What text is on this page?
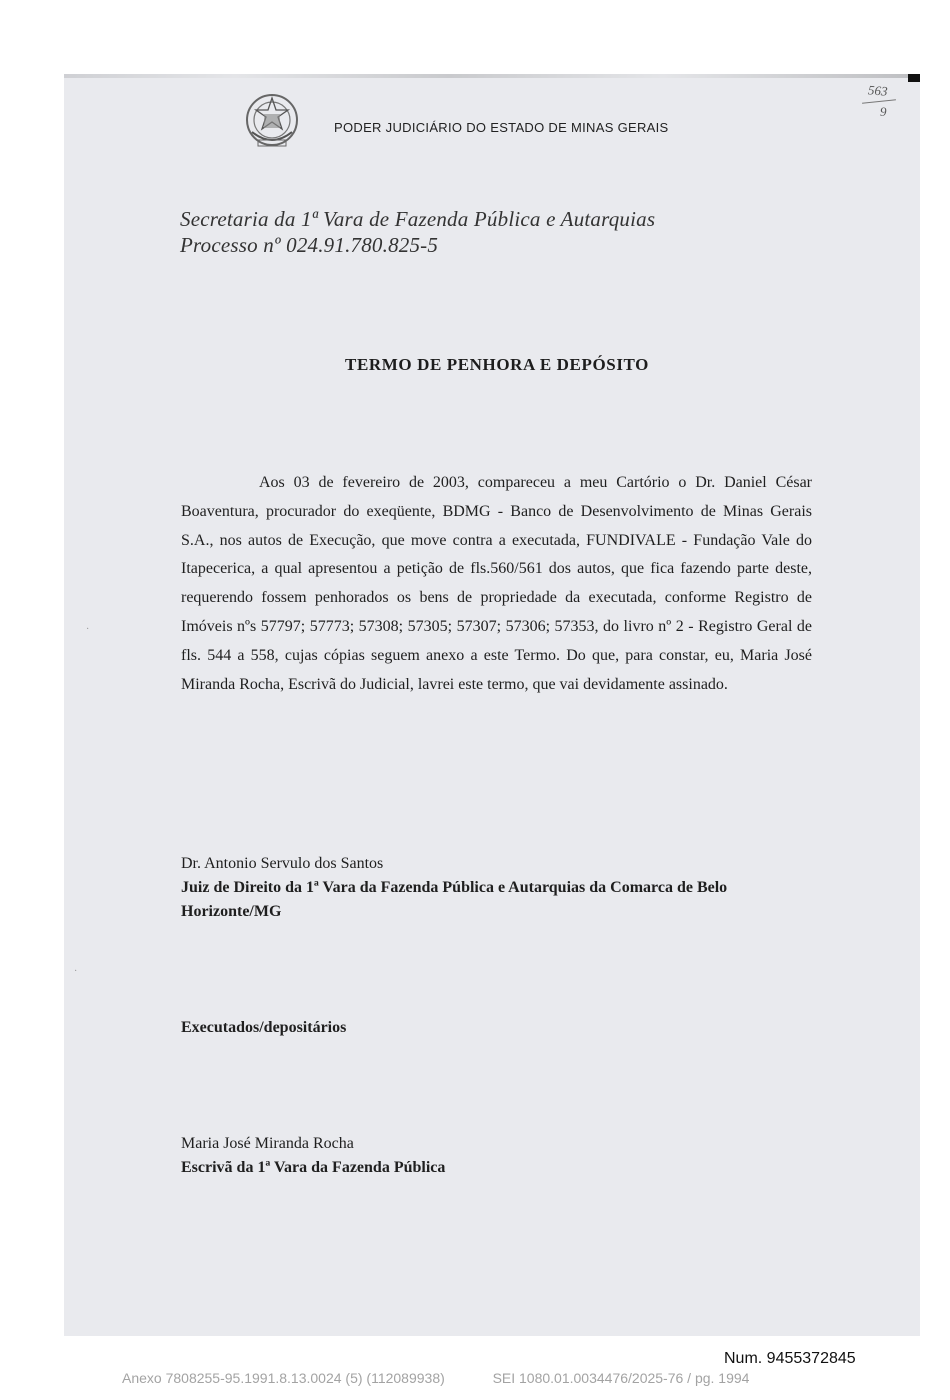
PODER JUDICIÁRIO DO ESTADO DE MINAS GERAIS
563
9
Secretaria da 1ª Vara de Fazenda Pública e Autarquias
Processo nº 024.91.780.825-5
TERMO DE PENHORA E DEPÓSITO

Aos 03 de fevereiro de 2003, compareceu a meu Cartório o Dr. Daniel César Boaventura, procurador do exeqüente, BDMG - Banco de Desenvolvimento de Minas Gerais S.A., nos autos de Execução, que move contra a executada, FUNDIVALE - Fundação Vale do Itapecerica, a qual apresentou a petição de fls.560/561 dos autos, que fica fazendo parte deste, requerendo fossem penhorados os bens de propriedade da executada, conforme Registro de Imóveis nºs 57797; 57773; 57308; 57305; 57307; 57306; 57353, do livro nº 2 - Registro Geral de fls. 544 a 558, cujas cópias seguem anexo a este Termo. Do que, para constar, eu, Maria José Miranda Rocha, Escrivã do Judicial, lavrei este termo, que vai devidamente assinado.

Dr. Antonio Servulo dos Santos
Juiz de Direito da 1ª Vara da Fazenda Pública e Autarquias da Comarca de Belo Horizonte/MG
Executados/depositários
Maria José Miranda Rocha
Escrivã da 1ª Vara da Fazenda Pública
·
·
Num. 9455372845
Anexo 7808255-95.1991.8.13.0024 (5) (112089938)	SEI 1080.01.0034476/2025-76 / pg. 1994
